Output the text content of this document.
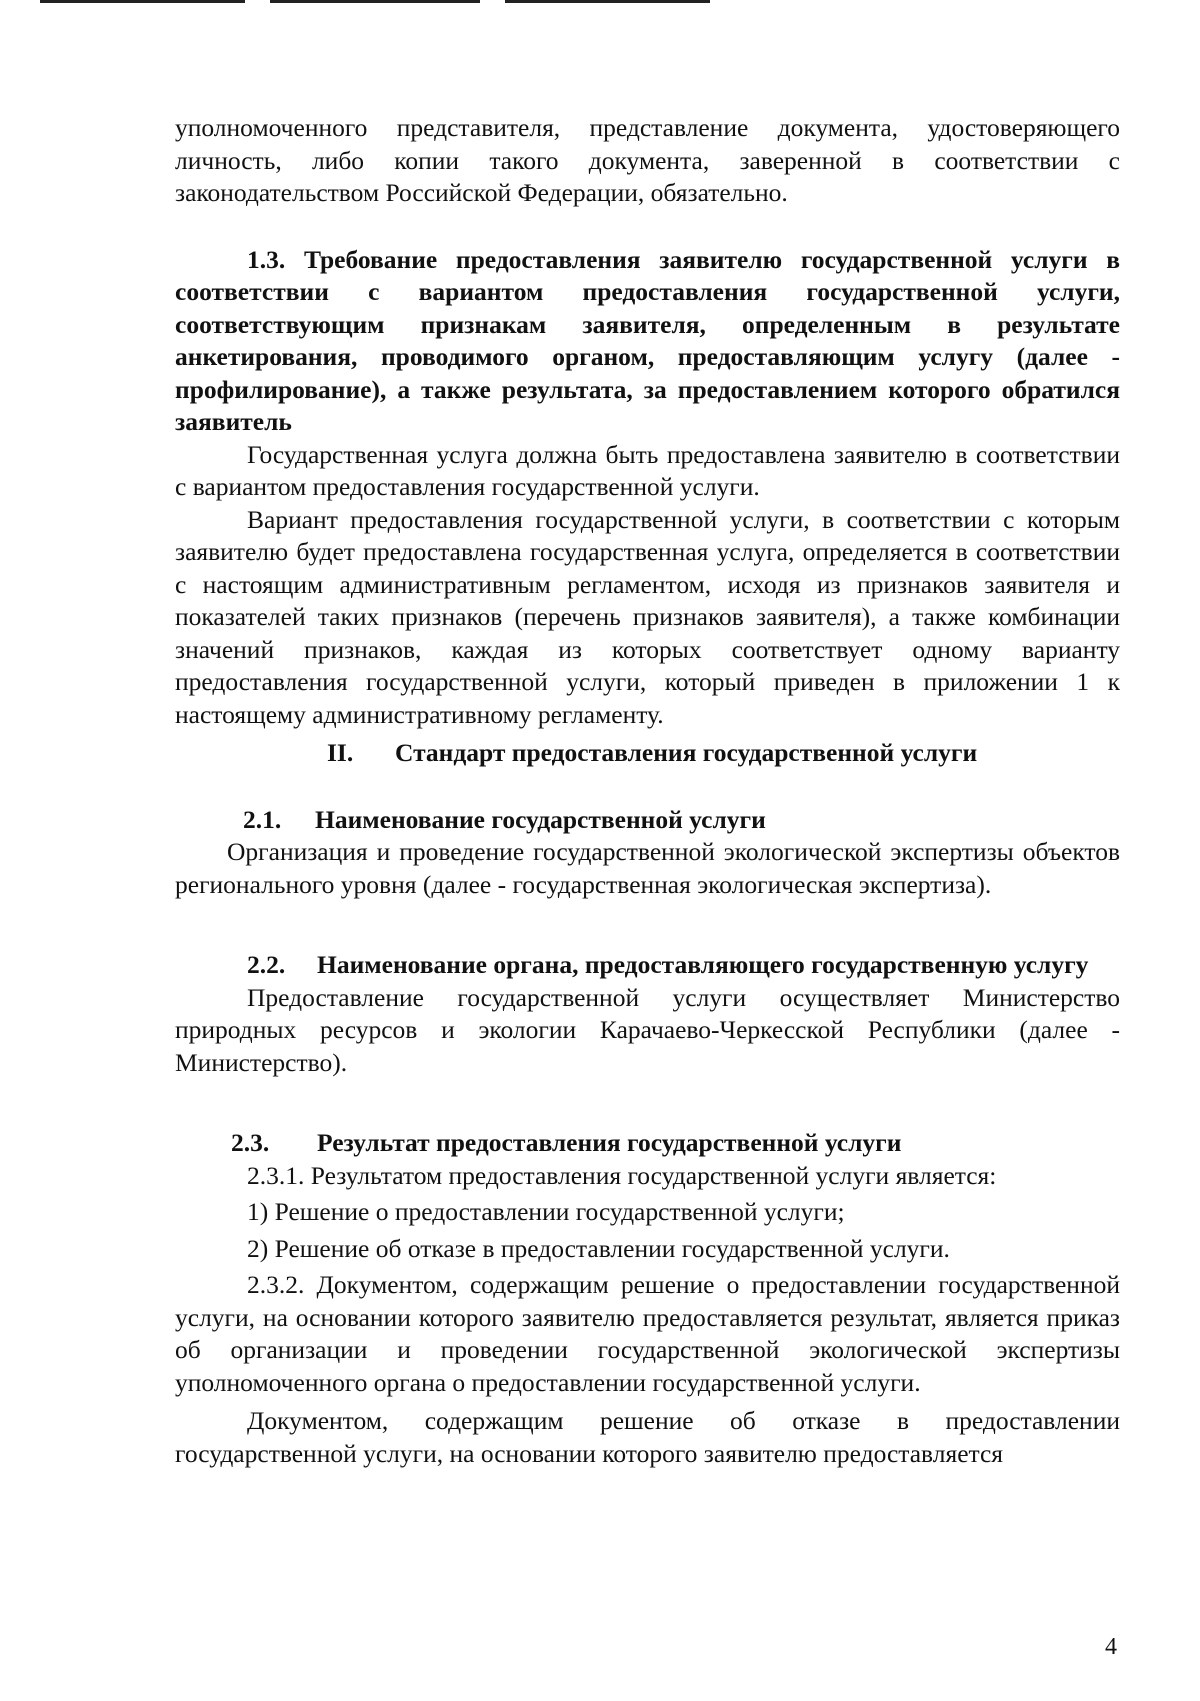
уполномоченного представителя, представление документа, удостоверяющего личность, либо копии такого документа, заверенной в соответствии с законодательством Российской Федерации, обязательно.

1.3. Требование предоставления заявителю государственной услуги в соответствии с вариантом предоставления государственной услуги, соответствующим признакам заявителя, определенным в результате анкетирования, проводимого органом, предоставляющим услугу (далее - профилирование), а также результата, за предоставлением которого обратился заявитель

Государственная услуга должна быть предоставлена заявителю в соответствии с вариантом предоставления государственной услуги.

Вариант предоставления государственной услуги, в соответствии с которым заявителю будет предоставлена государственная услуга, определяется в соответствии с настоящим административным регламентом, исходя из признаков заявителя и показателей таких признаков (перечень признаков заявителя), а также комбинации значений признаков, каждая из которых соответствует одному варианту предоставления государственной услуги, который приведен в приложении 1 к настоящему административному регламенту.

II. Стандарт предоставления государственной услуги

2.1. Наименование государственной услуги

Организация и проведение государственной экологической экспертизы объектов регионального уровня (далее - государственная экологическая экспертиза).

2.2. Наименование органа, предоставляющего государственную услугу

Предоставление государственной услуги осуществляет Министерство природных ресурсов и экологии Карачаево-Черкесской Республики (далее - Министерство).

2.3. Результат предоставления государственной услуги

2.3.1. Результатом предоставления государственной услуги является:

1) Решение о предоставлении государственной услуги;

2) Решение об отказе в предоставлении государственной услуги.

2.3.2. Документом, содержащим решение о предоставлении государственной услуги, на основании которого заявителю предоставляется результат, является приказ об организации и проведении государственной экологической экспертизы уполномоченного органа о предоставлении государственной услуги.

Документом, содержащим решение об отказе в предоставлении государственной услуги, на основании которого заявителю предоставляется

4
